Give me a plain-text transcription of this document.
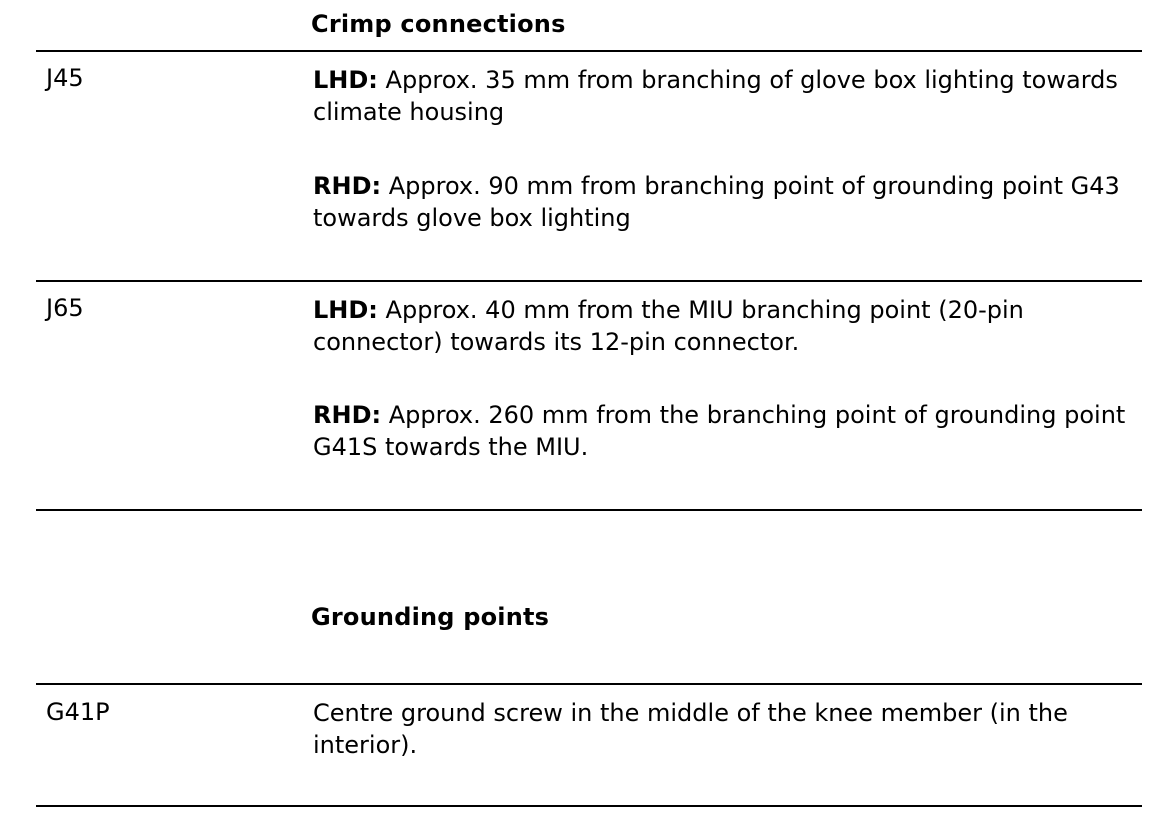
Crimp connections

J45	LHD: Approx. 35 mm from branching of glove box lighting towards climate housing

RHD: Approx. 90 mm from branching point of grounding point G43 towards glove box lighting

J65	LHD: Approx. 40 mm from the MIU branching point (20-pin connector) towards its 12-pin connector.

RHD: Approx. 260 mm from the branching point of grounding point G41S towards the MIU.

Grounding points

G41P	Centre ground screw in the middle of the knee member (in the interior).
